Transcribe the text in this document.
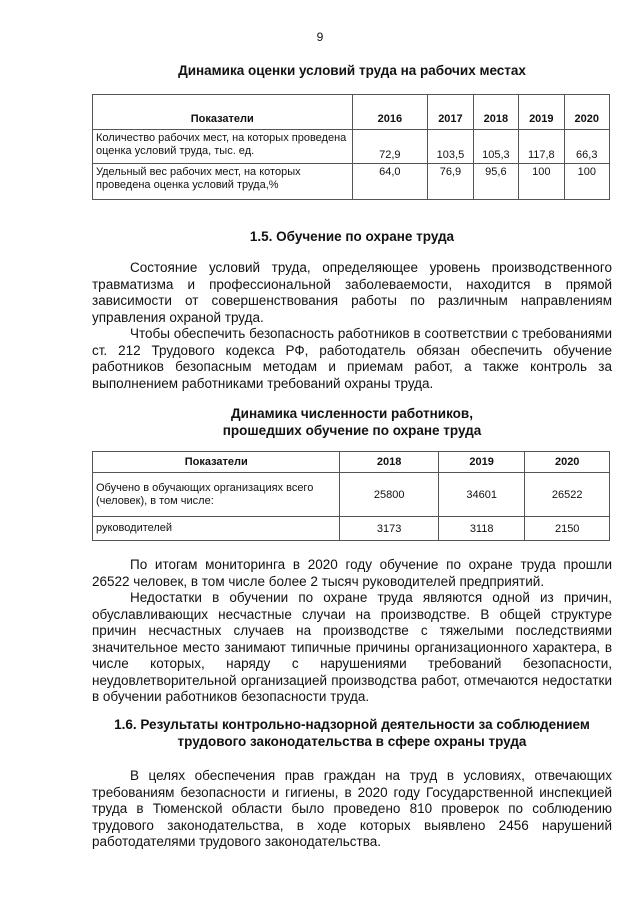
9
Динамика оценки условий труда на рабочих местах
Показатели	2016	2017	2018	2019	2020
Количество рабочих мест, на которых проведена оценка условий труда, тыс. ед.	72,9	103,5	105,3	117,8	66,3
Удельный вес рабочих мест, на которых проведена оценка условий труда,%	64,0	76,9	95,6	100	100
1.5. Обучение по охране труда

Состояние условий труда, определяющее уровень производственного травматизма и профессиональной заболеваемости, находится в прямой зависимости от совершенствования работы по различным направлениям управления охраной труда.

Чтобы обеспечить безопасность работников в соответствии с требованиями ст. 212 Трудового кодекса РФ, работодатель обязан обеспечить обучение работников безопасным методам и приемам работ, а также контроль за выполнением работниками требований охраны труда.

Динамика численности работников,
прошедших обучение по охране труда
Показатели	2018	2019	2020
Обучено в обучающих организациях всего (человек), в том числе:	25800	34601	26522
руководителей	3173	3118	2150

По итогам мониторинга в 2020 году обучение по охране труда прошли 26522 человек, в том числе более 2 тысяч руководителей предприятий.

Недостатки в обучении по охране труда являются одной из причин, обуславливающих несчастные случаи на производстве. В общей структуре причин несчастных случаев на производстве с тяжелыми последствиями значительное место занимают типичные причины организационного характера, в числе которых, наряду с нарушениями требований безопасности, неудовлетворительной организацией производства работ, отмечаются недостатки в обучении работников безопасности труда.

1.6. Результаты контрольно-надзорной деятельности за соблюдением
трудового законодательства в сфере охраны труда

В целях обеспечения прав граждан на труд в условиях, отвечающих требованиям безопасности и гигиены, в 2020 году Государственной инспекцией труда в Тюменской области было проведено 810 проверок по соблюдению трудового законодательства, в ходе которых выявлено 2456 нарушений работодателями трудового законодательства.
